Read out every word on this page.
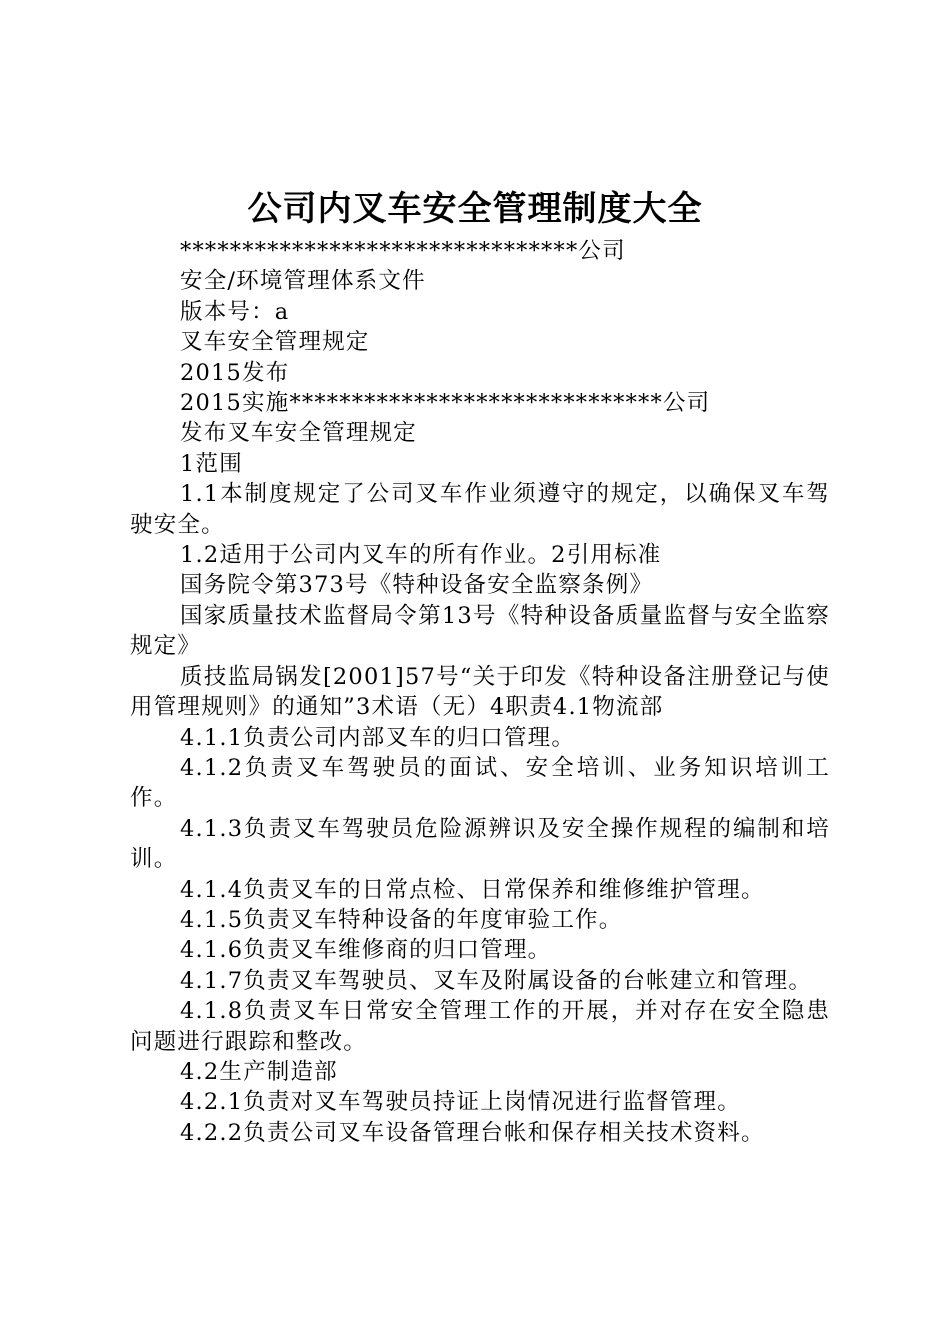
公司内叉车安全管理制度大全

********************************公司

安全/环境管理体系文件

版本号：a

叉车安全管理规定

2015发布

2015实施******************************公司

发布叉车安全管理规定

1范围

1.1本制度规定了公司叉车作业须遵守的规定，以确保叉车驾驶安全。

1.2适用于公司内叉车的所有作业。2引用标准

国务院令第373号《特种设备安全监察条例》

国家质量技术监督局令第13号《特种设备质量监督与安全监察规定》

质技监局锅发[2001]57号“关于印发《特种设备注册登记与使用管理规则》的通知”3术语（无）4职责4.1物流部

4.1.1负责公司内部叉车的归口管理。

4.1.2负责叉车驾驶员的面试、安全培训、业务知识培训工作。

4.1.3负责叉车驾驶员危险源辨识及安全操作规程的编制和培训。

4.1.4负责叉车的日常点检、日常保养和维修维护管理。

4.1.5负责叉车特种设备的年度审验工作。

4.1.6负责叉车维修商的归口管理。

4.1.7负责叉车驾驶员、叉车及附属设备的台帐建立和管理。

4.1.8负责叉车日常安全管理工作的开展，并对存在安全隐患问题进行跟踪和整改。

4.2生产制造部

4.2.1负责对叉车驾驶员持证上岗情况进行监督管理。

4.2.2负责公司叉车设备管理台帐和保存相关技术资料。
